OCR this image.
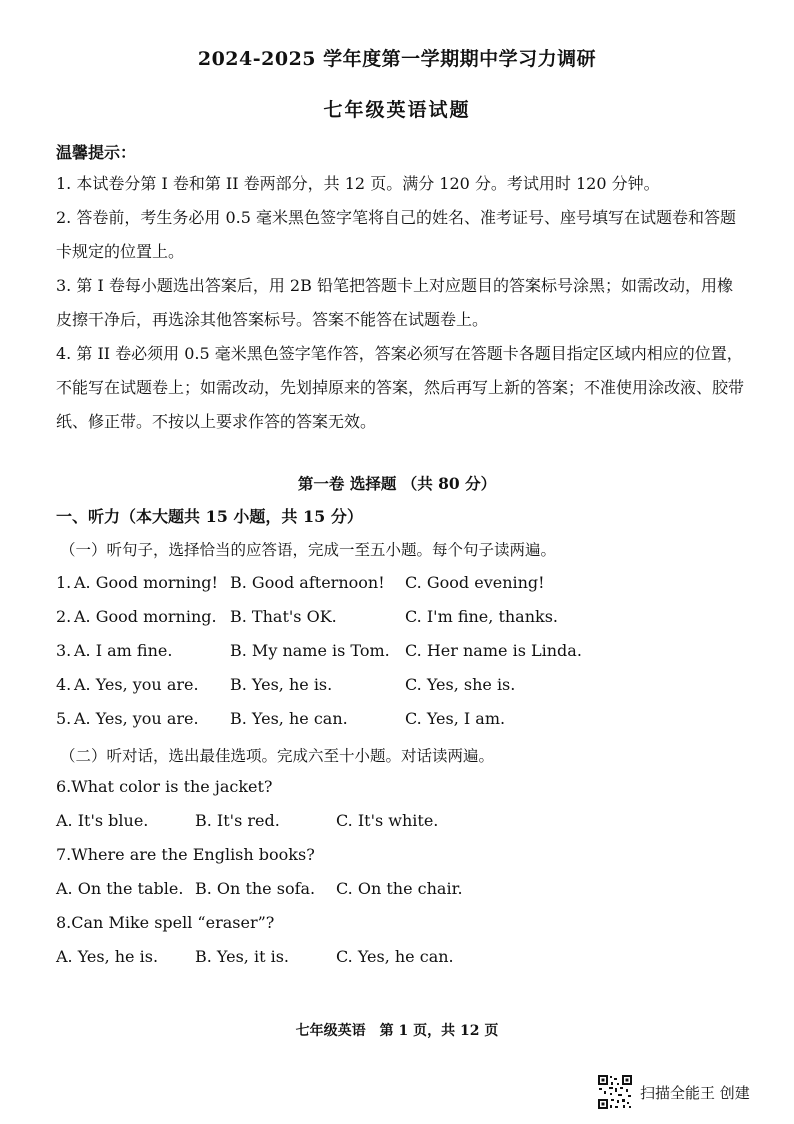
2024-2025 学年度第一学期期中学习力调研
七年级英语试题
温馨提示：
1. 本试卷分第 I 卷和第 II 卷两部分，共 12 页。满分 120 分。考试用时 120 分钟。
2. 答卷前，考生务必用 0.5 毫米黑色签字笔将自己的姓名、准考证号、座号填写在试题卷和答题卡规定的位置上。
3. 第 I 卷每小题选出答案后，用 2B 铅笔把答题卡上对应题目的答案标号涂黑；如需改动，用橡皮擦干净后，再选涂其他答案标号。答案不能答在试题卷上。
4. 第 II 卷必须用 0.5 毫米黑色签字笔作答，答案必须写在答题卡各题目指定区域内相应的位置，不能写在试题卷上；如需改动，先划掉原来的答案，然后再写上新的答案；不准使用涂改液、胶带纸、修正带。不按以上要求作答的答案无效。
第一卷 选择题 （共 80 分）
一、听力（本大题共 15 小题，共 15 分）
（一）听句子，选择恰当的应答语，完成一至五小题。每个句子读两遍。
1. A. Good morning! B. Good afternoon! C. Good evening!
2. A. Good morning. B. That's OK.	C. I'm fine, thanks.
3. A. I am fine.	B. My name is Tom. C. Her name is Linda.
4. A. Yes, you are. B. Yes, he is.	C. Yes, she is.
5. A. Yes, you are. B. Yes, he can.	C. Yes, I am.
（二）听对话，选出最佳选项。完成六至十小题。对话读两遍。
6.What color is the jacket?
A. It's blue.	B. It's red.	C. It's white.
7.Where are the English books?
A. On the table. B. On the sofa. C. On the chair.
8.Can Mike spell “eraser”?
A. Yes, he is. B. Yes, it is.	C. Yes, he can.
七年级英语　第 1 页，共 12 页
扫描全能王 创建
